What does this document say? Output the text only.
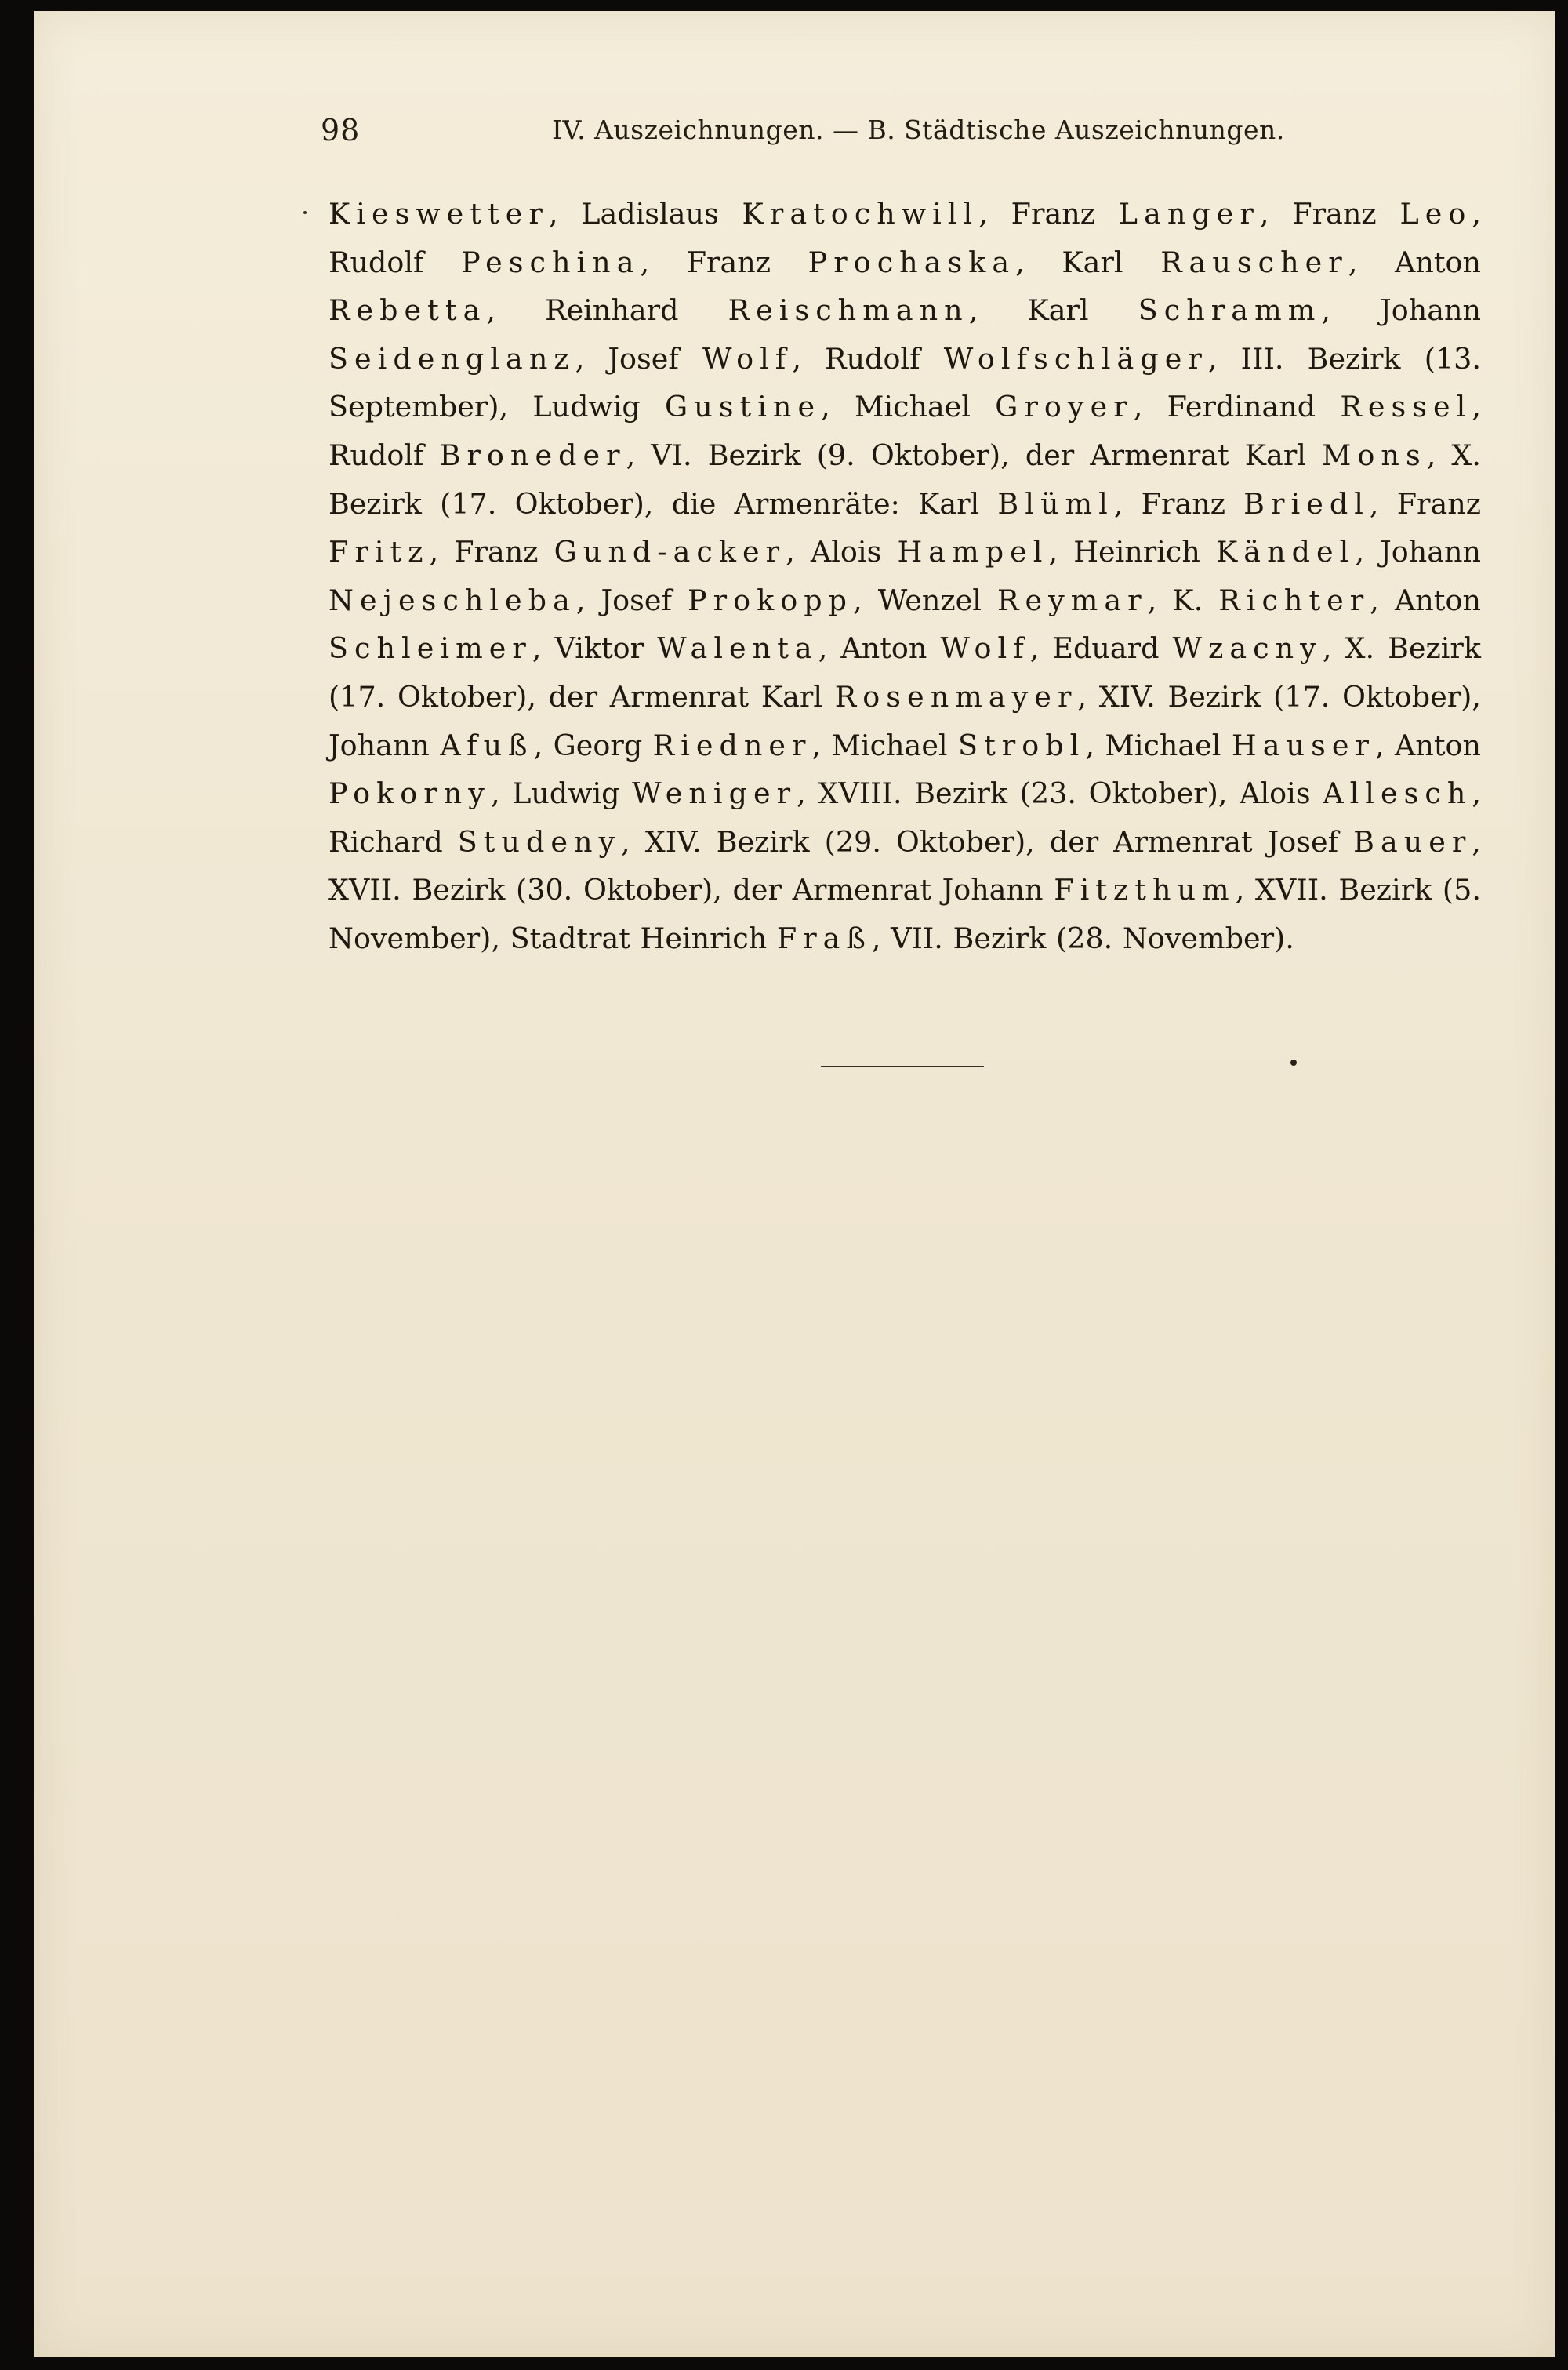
98	IV. Auszeichnungen. — B. Städtische Auszeichnungen.
Kieswetter, Ladislaus Kratochwill, Franz Langer, Franz Leo, Rudolf Peschina, Franz Prochaska, Karl Rauscher, Anton Rebetta, Reinhard Reischmann, Karl Schramm, Johann Seidenglanz, Josef Wolf, Rudolf Wolfschläger, III. Bezirk (13. September), Ludwig Gustine, Michael Groyer, Ferdinand Ressel, Rudolf Broneder, VI. Bezirk (9. Oktober), der Armenrat Karl Mons, X. Bezirk (17. Oktober), die Armenräte: Karl Blüml, Franz Briedl, Franz Fritz, Franz Gund-acker, Alois Hampel, Heinrich Kändel, Johann Nejeschleba, Josef Prokopp, Wenzel Reymar, K. Richter, Anton Schleimer, Viktor Walenta, Anton Wolf, Eduard Wzacny, X. Bezirk (17. Oktober), der Armenrat Karl Rosenmayer, XIV. Bezirk (17. Oktober), Johann Afuß, Georg Riedner, Michael Strobl, Michael Hauser, Anton Pokorny, Ludwig Weniger, XVIII. Bezirk (23. Oktober), Alois Allesch, Richard Studeny, XIV. Bezirk (29. Oktober), der Armenrat Josef Bauer, XVII. Bezirk (30. Oktober), der Armenrat Johann Fitzthum, XVII. Bezirk (5. November), Stadtrat Heinrich Fraß, VII. Bezirk (28. November).
